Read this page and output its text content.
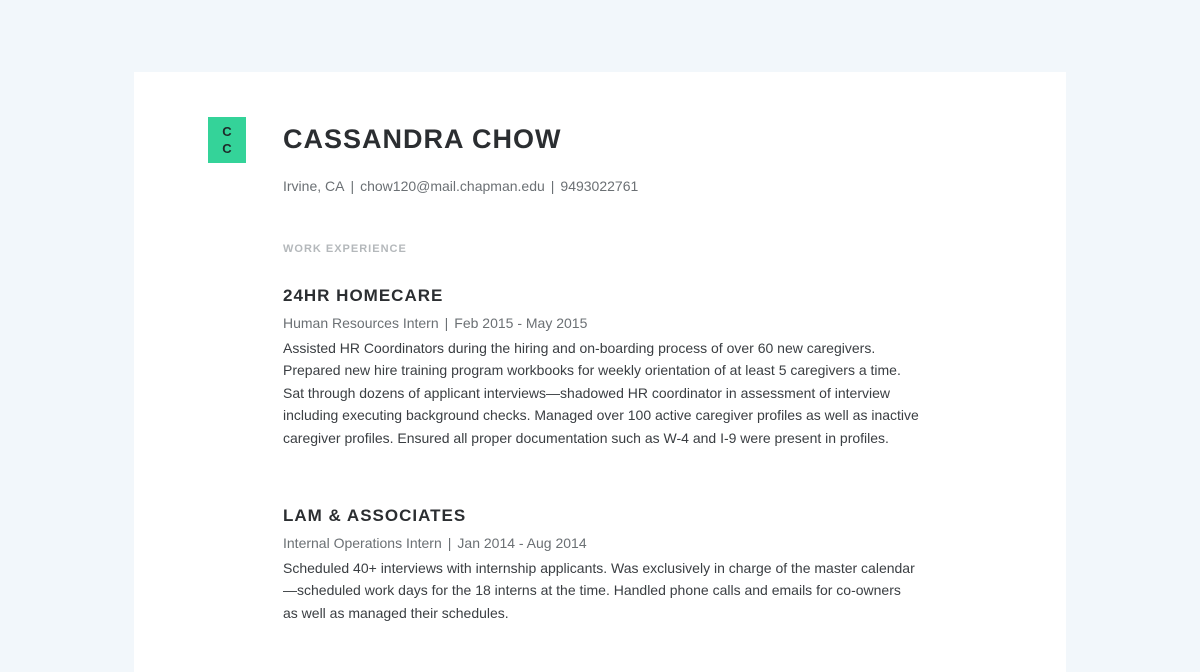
C
C CASSANDRA CHOW
Irvine, CA | chow120@mail.chapman.edu | 9493022761
WORK EXPERIENCE
24HR HOMECARE
Human Resources Intern | Feb 2015 - May 2015
Assisted HR Coordinators during the hiring and on-boarding process of over 60 new caregivers. Prepared new hire training program workbooks for weekly orientation of at least 5 caregivers a time. Sat through dozens of applicant interviews—shadowed HR coordinator in assessment of interview including executing background checks. Managed over 100 active caregiver profiles as well as inactive caregiver profiles. Ensured all proper documentation such as W-4 and I-9 were present in profiles.
LAM & ASSOCIATES
Internal Operations Intern | Jan 2014 - Aug 2014
Scheduled 40+ interviews with internship applicants. Was exclusively in charge of the master calendar—scheduled work days for the 18 interns at the time. Handled phone calls and emails for co-owners as well as managed their schedules.
